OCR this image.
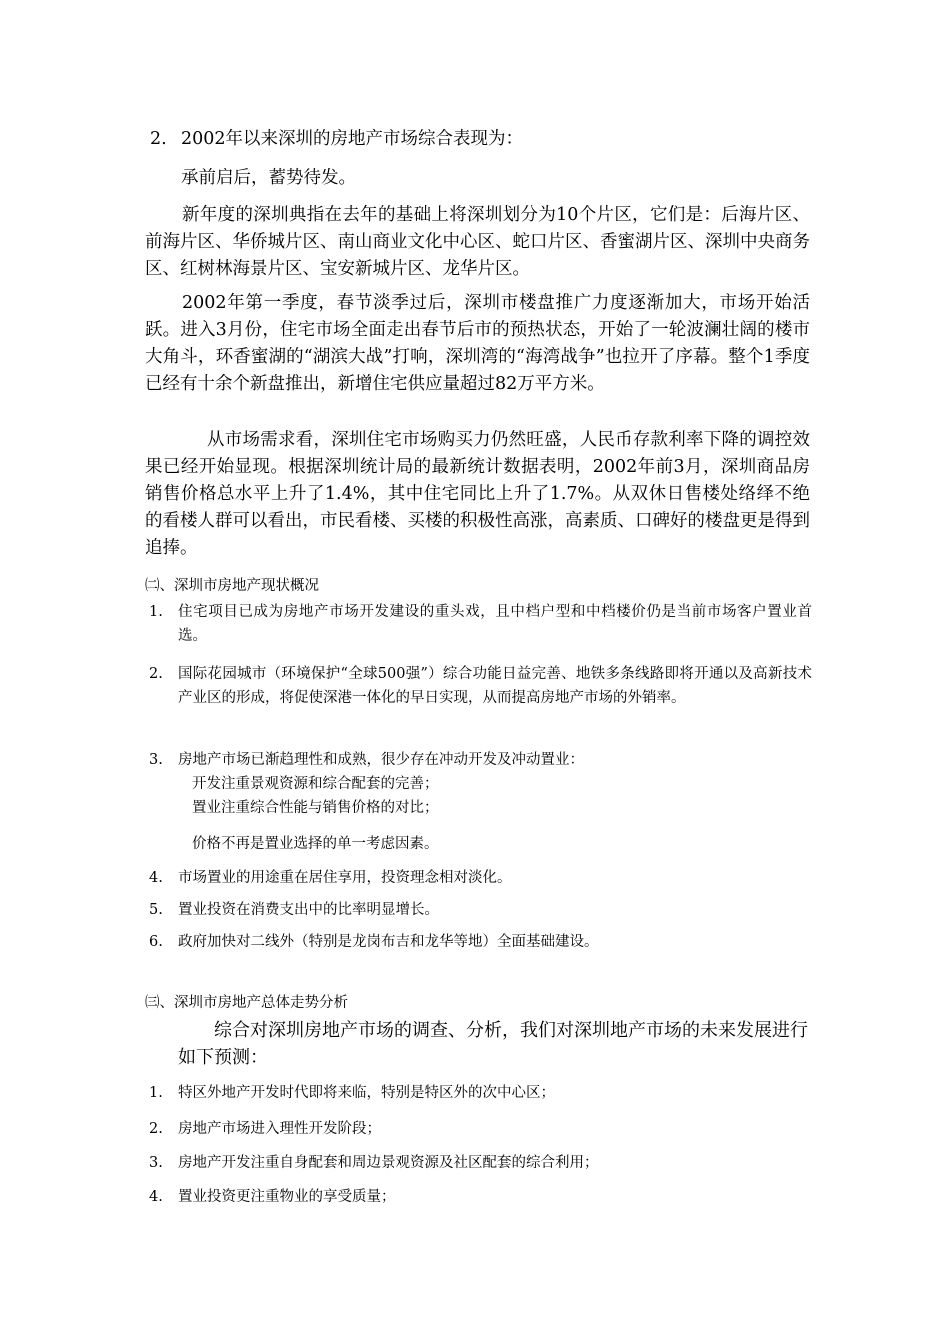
2. 2002年以来深圳的房地产市场综合表现为：

承前启后，蓄势待发。

新年度的深圳典指在去年的基础上将深圳划分为10个片区，它们是：后海片区、前海片区、华侨城片区、南山商业文化中心区、蛇口片区、香蜜湖片区、深圳中央商务区、红树林海景片区、宝安新城片区、龙华片区。

2002年第一季度，春节淡季过后，深圳市楼盘推广力度逐渐加大，市场开始活跃。进入3月份，住宅市场全面走出春节后市的预热状态，开始了一轮波澜壮阔的楼市大角斗，环香蜜湖的“湖滨大战”打响，深圳湾的“海湾战争”也拉开了序幕。整个1季度已经有十余个新盘推出，新增住宅供应量超过82万平方米。

从市场需求看，深圳住宅市场购买力仍然旺盛，人民币存款利率下降的调控效果已经开始显现。根据深圳统计局的最新统计数据表明，2002年前3月，深圳商品房销售价格总水平上升了1.4%，其中住宅同比上升了1.7%。从双休日售楼处络绎不绝的看楼人群可以看出，市民看楼、买楼的积极性高涨，高素质、口碑好的楼盘更是得到追捧。

㈡、深圳市房地产现状概况

1.	住宅项目已成为房地产市场开发建设的重头戏，且中档户型和中档楼价仍是当前市场客户置业首选。
2.	国际花园城市（环境保护“全球500强”）综合功能日益完善、地铁多条线路即将开通以及高新技术产业区的形成，将促使深港一体化的早日实现，从而提高房地产市场的外销率。
3.	房地产市场已渐趋理性和成熟，很少存在冲动开发及冲动置业：

开发注重景观资源和综合配套的完善；

置业注重综合性能与销售价格的对比；

价格不再是置业选择的单一考虑因素。

4.	市场置业的用途重在居住享用，投资理念相对淡化。
5.	置业投资在消费支出中的比率明显增长。
6.	政府加快对二线外（特别是龙岗布吉和龙华等地）全面基础建设。

㈢、深圳市房地产总体走势分析

综合对深圳房地产市场的调查、分析，我们对深圳地产市场的未来发展进行如下预测：

1.	特区外地产开发时代即将来临，特别是特区外的次中心区；
2.	房地产市场进入理性开发阶段；
3.	房地产开发注重自身配套和周边景观资源及社区配套的综合利用；
4.	置业投资更注重物业的享受质量；
